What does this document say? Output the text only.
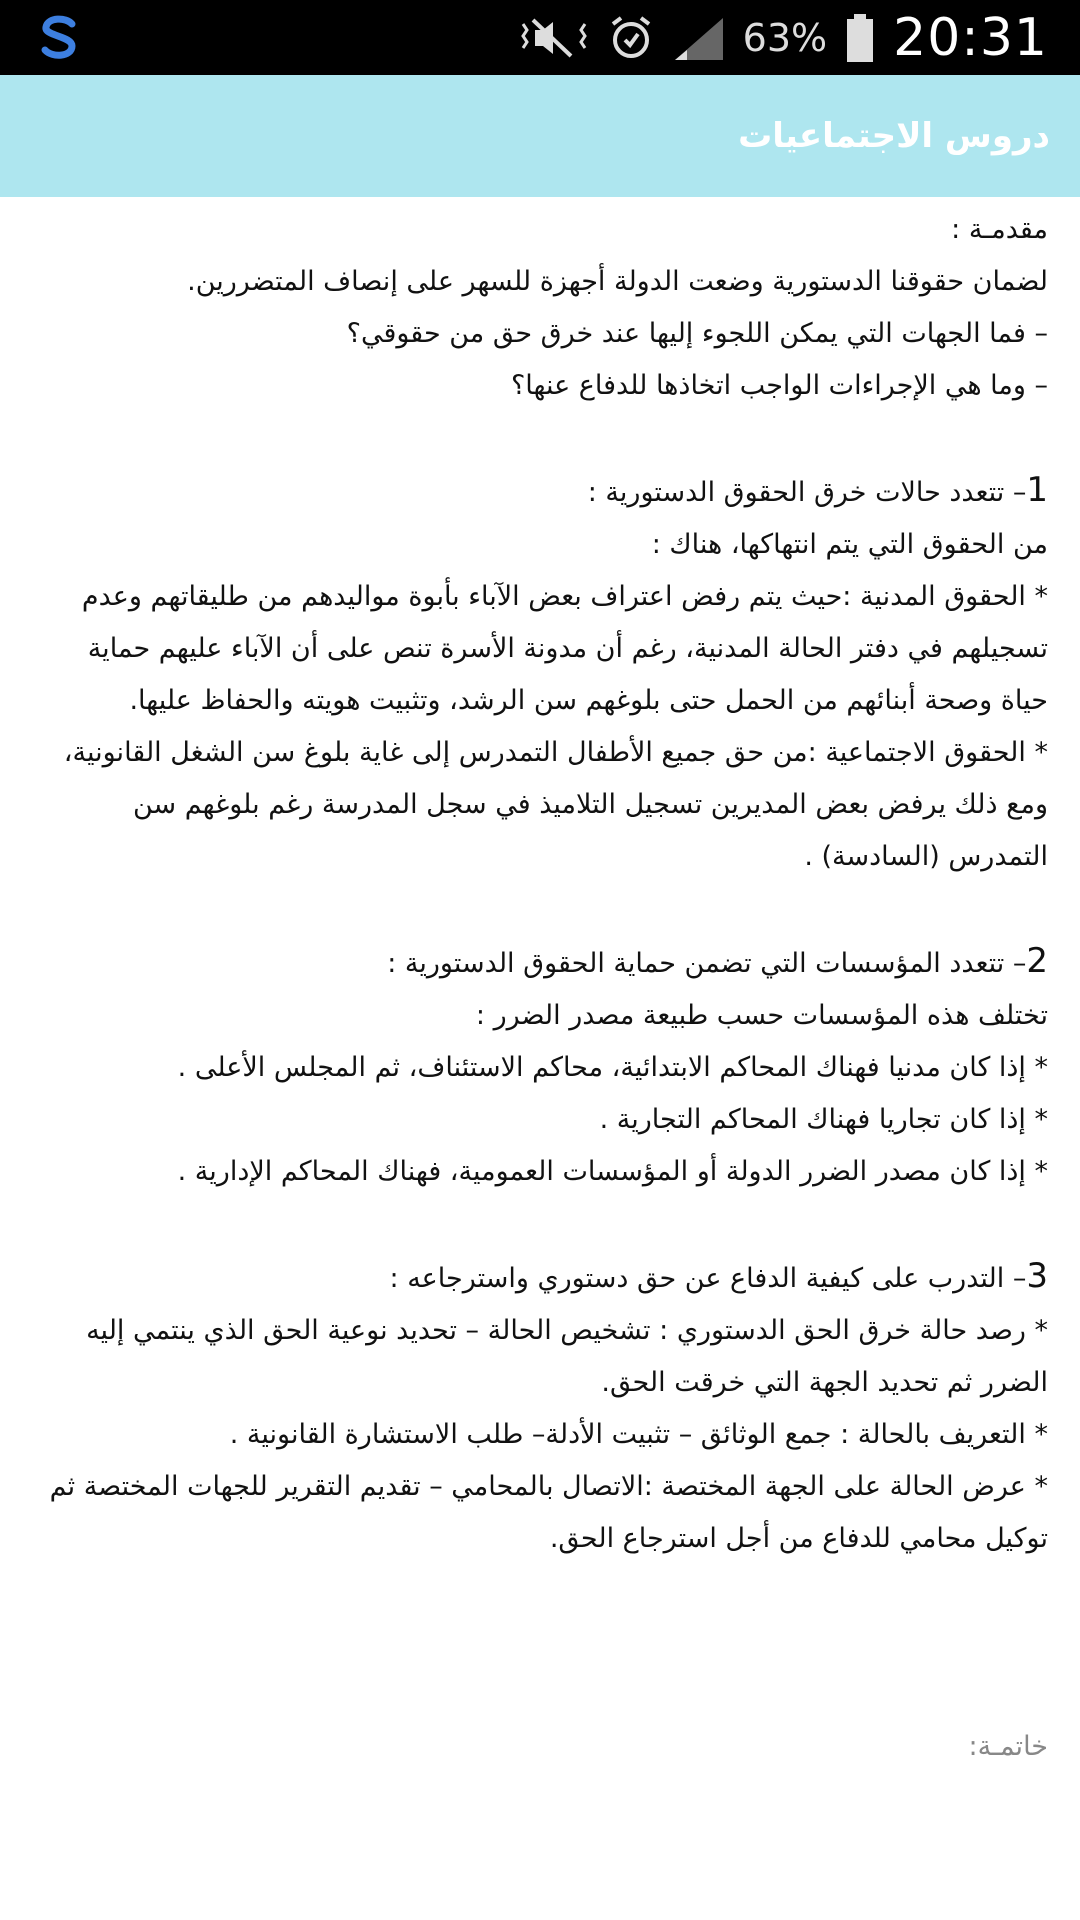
63% 20:31
دروس الاجتماعيات

مقدمـة :

لضمان حقوقنا الدستورية وضعت الدولة أجهزة للسهر على إنصاف المتضررين.

– فما الجهات التي يمكن اللجوء إليها عند خرق حق من حقوقي؟

– وما هي الإجراءات الواجب اتخاذها للدفاع عنها؟

1– تتعدد حالات خرق الحقوق الدستورية :

من الحقوق التي يتم انتهاكها، هناك :

* الحقوق المدنية :حيث يتم رفض اعتراف بعض الآباء بأبوة مواليدهم من طليقاتهم وعدم تسجيلهم في دفتر الحالة المدنية، رغم أن مدونة الأسرة تنص على أن الآباء عليهم حماية حياة وصحة أبنائهم من الحمل حتى بلوغهم سن الرشد، وتثبيت هويته والحفاظ عليها.

* الحقوق الاجتماعية :من حق جميع الأطفال التمدرس إلى غاية بلوغ سن الشغل القانونية، ومع ذلك يرفض بعض المديرين تسجيل التلاميذ في سجل المدرسة رغم بلوغهم سن التمدرس (السادسة) .

2– تتعدد المؤسسات التي تضمن حماية الحقوق الدستورية :

تختلف هذه المؤسسات حسب طبيعة مصدر الضرر :

* إذا كان مدنيا فهناك المحاكم الابتدائية، محاكم الاستئناف، ثم المجلس الأعلى .

* إذا كان تجاريا فهناك المحاكم التجارية .

* إذا كان مصدر الضرر الدولة أو المؤسسات العمومية، فهناك المحاكم الإدارية .

3– التدرب على كيفية الدفاع عن حق دستوري واسترجاعه :

* رصد حالة خرق الحق الدستوري : تشخيص الحالة – تحديد نوعية الحق الذي ينتمي إليه الضرر ثم تحديد الجهة التي خرقت الحق.

* التعريف بالحالة : جمع الوثائق – تثبيت الأدلة– طلب الاستشارة القانونية .

* عرض الحالة على الجهة المختصة :الاتصال بالمحامي – تقديم التقرير للجهات المختصة ثم توكيل محامي للدفاع من أجل استرجاع الحق.

خاتمـة:
